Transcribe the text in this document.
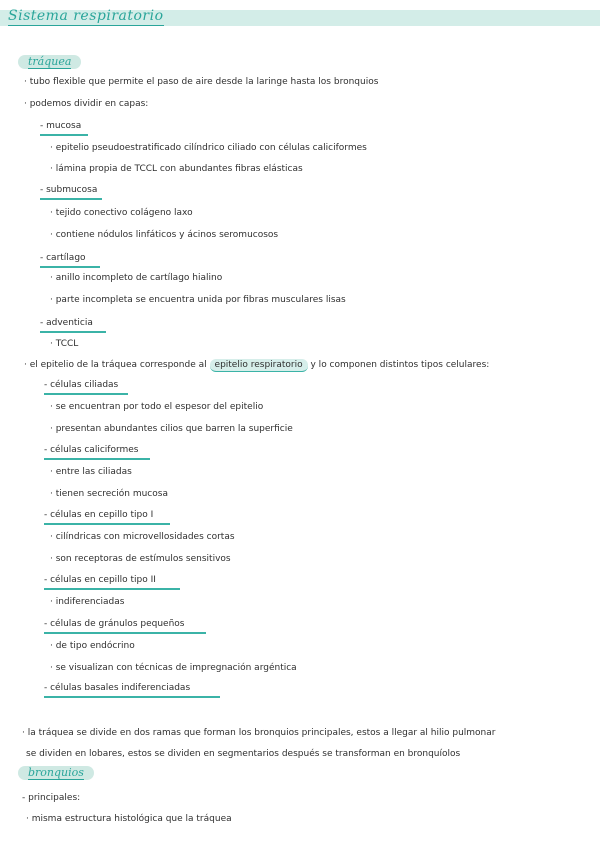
Sistema respiratorio
tráquea
· tubo flexible que permite el paso de aire desde la laringe hasta los bronquios
· podemos dividir en capas:
- mucosa
· epitelio pseudoestratificado cilíndrico ciliado con células caliciformes
· lámina propia de TCCL con abundantes fibras elásticas
- submucosa
· tejido conectivo colágeno laxo
· contiene nódulos linfáticos y ácinos seromucosos
- cartílago
· anillo incompleto de cartílago hialino
· parte incompleta se encuentra unida por fibras musculares lisas
- adventicia
· TCCL
· el epitelio de la tráquea corresponde al epitelio respiratorio y lo componen distintos tipos celulares:
- células ciliadas
· se encuentran por todo el espesor del epitelio
· presentan abundantes cilios que barren la superficie
- células caliciformes
· entre las ciliadas
· tienen secreción mucosa
- células en cepillo tipo I
· cilíndricas con microvellosidades cortas
· son receptoras de estímulos sensitivos
- células en cepillo tipo II
· indiferenciadas
- células de gránulos pequeños
· de tipo endócrino
· se visualizan con técnicas de impregnación argéntica
- células basales indiferenciadas
· la tráquea se divide en dos ramas que forman los bronquios principales, estos a llegar al hilio pulmonar
se dividen en lobares, estos se dividen en segmentarios después se transforman en bronquíolos
bronquios
- principales:
· misma estructura histológica que la tráquea
